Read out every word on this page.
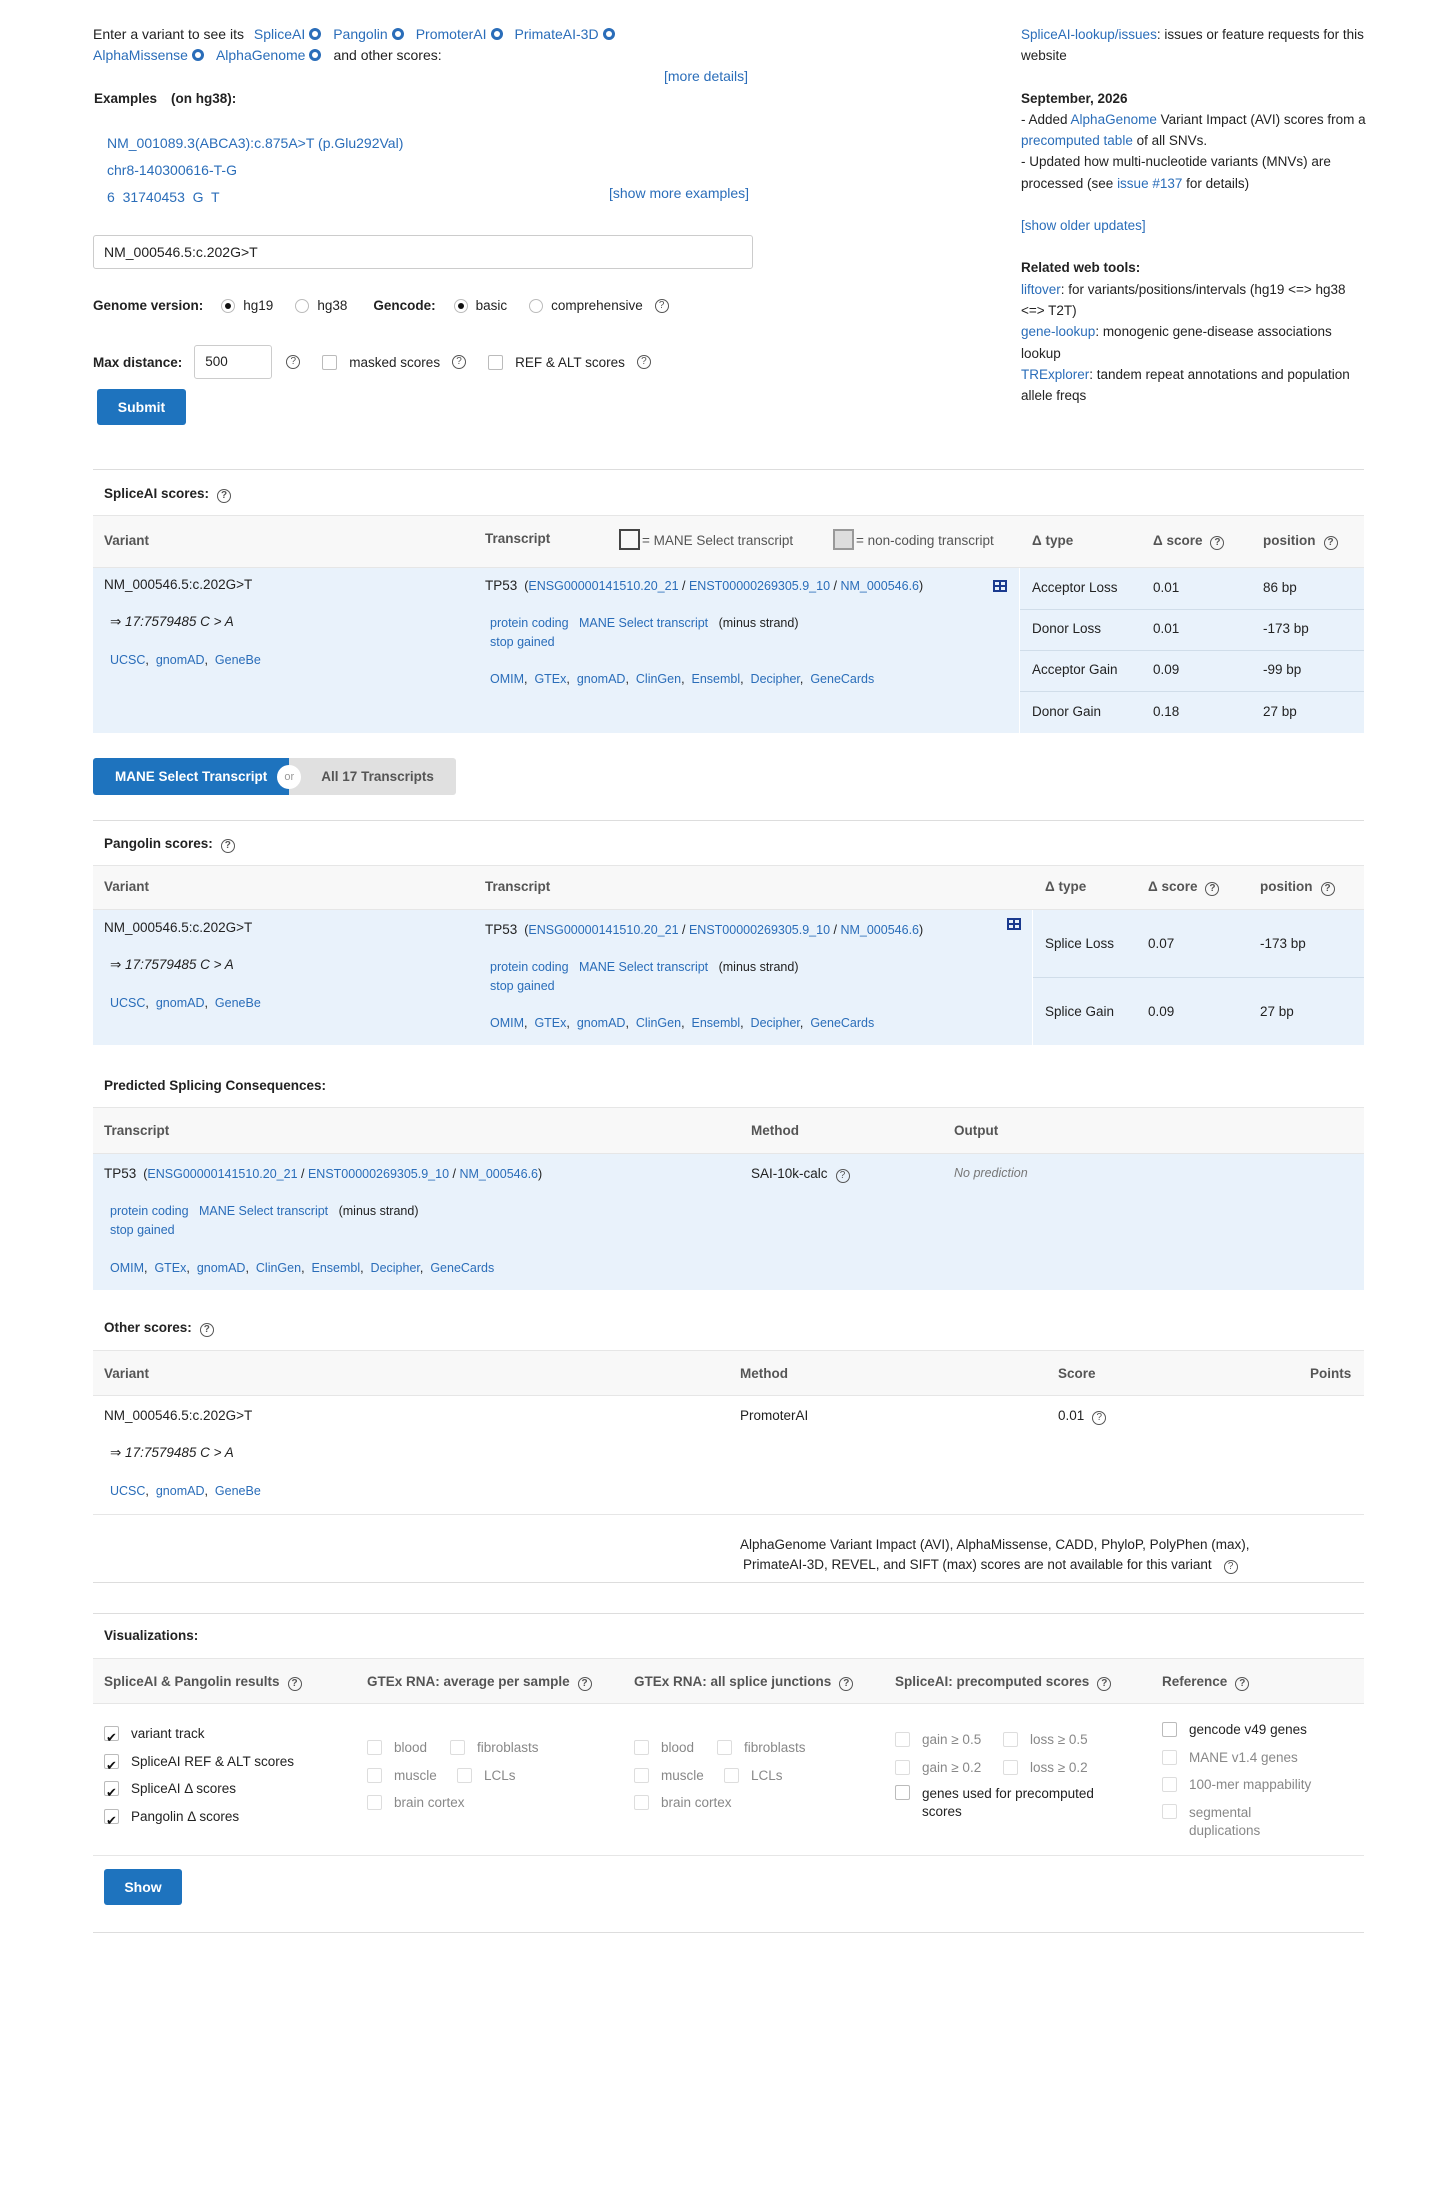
Enter a variant to see its SpliceAI Pangolin PromoterAI PrimateAI-3D
AlphaMissense AlphaGenome and other scores:
[more details]
Examples (on hg38):
NM_001089.3(ABCA3):c.875A>T (p.Glu292Val)
chr8-140300616-T-G
6  31740453  G  T	[show more examples]
NM_000546.5:c.202G>T
Genome version:	hg19	hg38 Gencode:	basic	comprehensive	?
Max distance:	500	?	masked scores	?	REF & ALT scores	?
Submit
SpliceAI-lookup/issues: issues or feature requests for this website
September, 2026
- Added AlphaGenome Variant Impact (AVI) scores from a precomputed table of all SNVs.
- Updated how multi-nucleotide variants (MNVs) are processed (see issue #137 for details)
[show older updates]
Related web tools:
liftover: for variants/positions/intervals (hg19 <=> hg38 <=> T2T)
gene-lookup: monogenic gene-disease associations lookup
TRExplorer: tandem repeat annotations and population allele freqs
SpliceAI scores: ?
Variant	Transcript	= MANE Select transcript	= non-coding transcript	Δ type	Δ score ?	position ?
NM_000546.5:c.202G>T
⇒ 17:7579485 C > A
UCSC,  gnomAD,  GeneBe
TP53  (ENSG00000141510.20_21 / ENST00000269305.9_10 / NM_000546.6)
protein coding MANE Select transcript (minus strand)
stop gained
OMIM,  GTEx,  gnomAD,  ClinGen,  Ensembl,  Decipher,  GeneCards
Acceptor Loss	0.01	86 bp
Donor Loss	0.01	-173 bp
Acceptor Gain	0.09	-99 bp
Donor Gain	0.18	27 bp
MANE Select Transcript	or	All 17 Transcripts
Pangolin scores: ?
Variant	Transcript	Δ type	Δ score ?	position ?
NM_000546.5:c.202G>T
⇒ 17:7579485 C > A
UCSC,  gnomAD,  GeneBe
TP53  (ENSG00000141510.20_21 / ENST00000269305.9_10 / NM_000546.6)
protein coding MANE Select transcript (minus strand)
stop gained
OMIM,  GTEx,  gnomAD,  ClinGen,  Ensembl,  Decipher,  GeneCards
Splice Loss	0.07	-173 bp
Splice Gain	0.09	27 bp
Predicted Splicing Consequences:
Transcript	Method	Output
TP53  (ENSG00000141510.20_21 / ENST00000269305.9_10 / NM_000546.6)
protein coding MANE Select transcript (minus strand)
stop gained
OMIM,  GTEx,  gnomAD,  ClinGen,  Ensembl,  Decipher,  GeneCards
SAI-10k-calc ?	No prediction
Other scores: ?
Variant	Method	Score	Points
NM_000546.5:c.202G>T
⇒ 17:7579485 C > A
UCSC,  gnomAD,  GeneBe
PromoterAI	0.01 ?
AlphaGenome Variant Impact (AVI), AlphaMissense, CADD, PhyloP, PolyPhen (max),
PrimateAI-3D, REVEL, and SIFT (max) scores are not available for this variant ?
Visualizations:
SpliceAI & Pangolin results ?	GTEx RNA: average per sample ?	GTEx RNA: all splice junctions ?	SpliceAI: precomputed scores ?	Reference ?
✔variant track
✔SpliceAI REF & ALT scores
✔SpliceAI Δ scores
✔Pangolin Δ scores
blood	fibroblasts muscle	LCLs
brain cortex
blood	fibroblasts muscle	LCLs
brain cortex
gain ≥ 0.5	loss ≥ 0.5 gain ≥ 0.2	loss ≥ 0.2
genes used for precomputed scores
gencode v49 genes
MANE v1.4 genes
100-mer mappability
segmental duplications
Show
